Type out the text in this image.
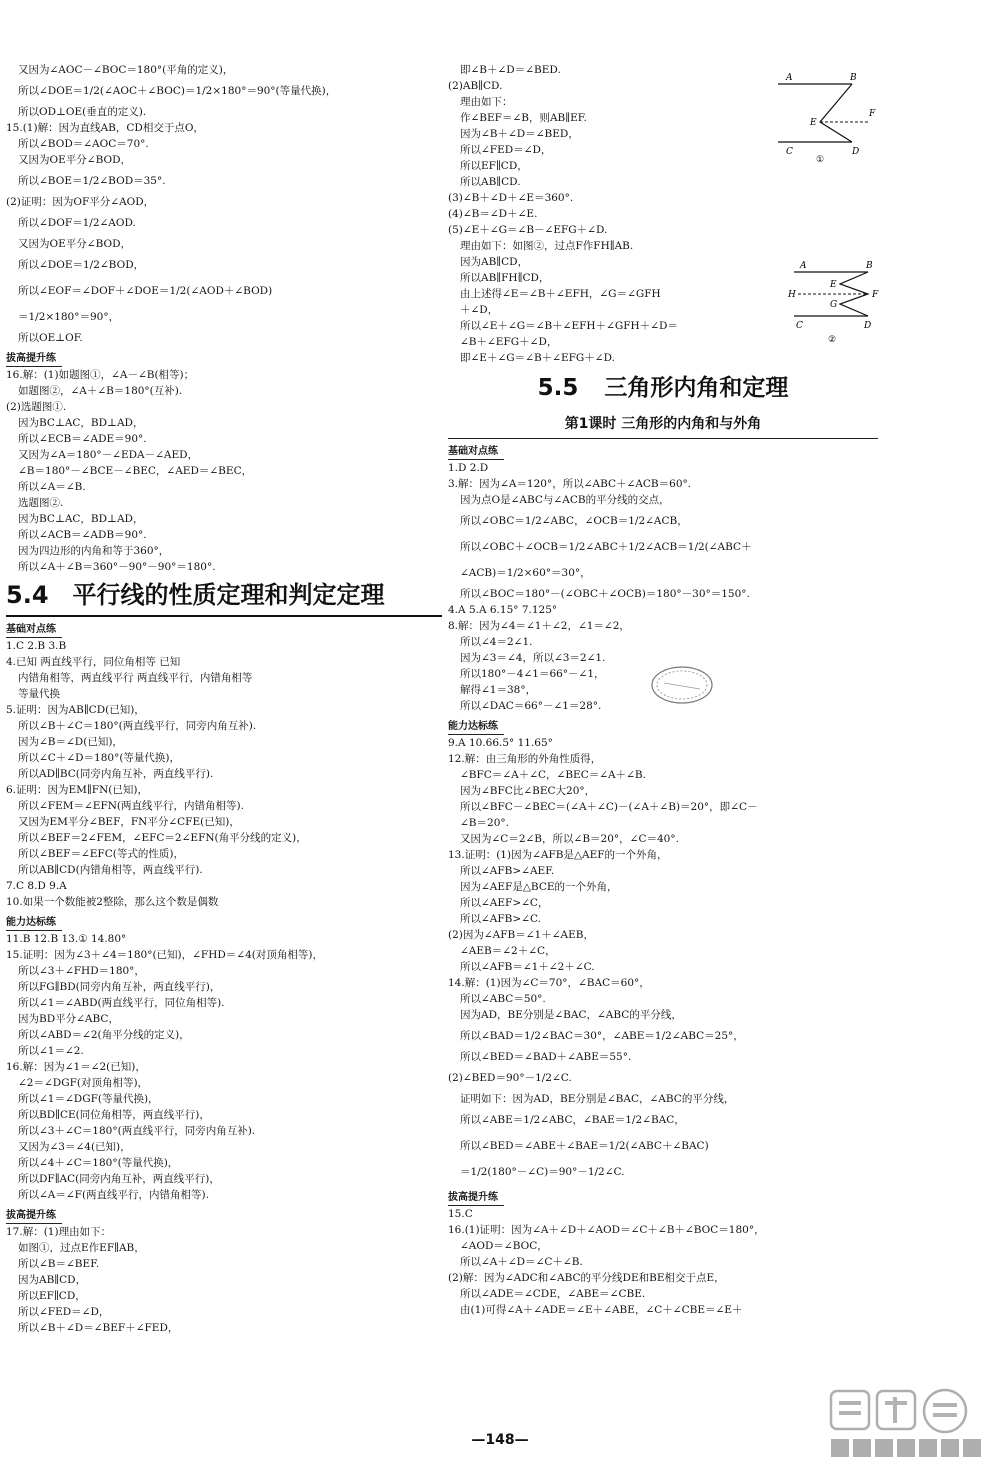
又因为∠AOC－∠BOC＝180°(平角的定义)，
所以∠DOE＝1/2(∠AOC＋∠BOC)＝1/2×180°＝90°(等量代换)，
所以OD⊥OE(垂直的定义).
15.(1)解：因为直线AB，CD相交于点O，
所以∠BOD＝∠AOC＝70°.
又因为OE平分∠BOD，
所以∠BOE＝1/2∠BOD＝35°.
(2)证明：因为OF平分∠AOD，
所以∠DOF＝1/2∠AOD.
又因为OE平分∠BOD，
所以∠DOE＝1/2∠BOD，
所以∠EOF＝∠DOF＋∠DOE＝1/2(∠AOD＋∠BOD)
＝1/2×180°＝90°，
所以OE⊥OF.
拔高提升练
16.解：(1)如题图①，∠A－∠B(相等)；
如题图②，∠A＋∠B＝180°(互补).
(2)选题图①.
因为BC⊥AC，BD⊥AD，
所以∠ECB＝∠ADE＝90°.
又因为∠A＝180°－∠EDA－∠AED，
∠B＝180°－∠BCE－∠BEC，∠AED＝∠BEC，
所以∠A＝∠B.
选题图②.
因为BC⊥AC，BD⊥AD，
所以∠ACB＝∠ADB＝90°.
因为四边形的内角和等于360°，
所以∠A＋∠B＝360°－90°－90°＝180°.
5.4 平行线的性质定理和判定定理
基础对点练
1.C 2.B 3.B
4.已知 两直线平行，同位角相等 已知
内错角相等，两直线平行 两直线平行，内错角相等
等量代换
5.证明：因为AB∥CD(已知)，
所以∠B＋∠C＝180°(两直线平行，同旁内角互补).
因为∠B＝∠D(已知)，
所以∠C＋∠D＝180°(等量代换)，
所以AD∥BC(同旁内角互补，两直线平行).
6.证明：因为EM∥FN(已知)，
所以∠FEM＝∠EFN(两直线平行，内错角相等).
又因为EM平分∠BEF，FN平分∠CFE(已知)，
所以∠BEF＝2∠FEM，∠EFC＝2∠EFN(角平分线的定义)，
所以∠BEF＝∠EFC(等式的性质)，
所以AB∥CD(内错角相等，两直线平行).
7.C 8.D 9.A
10.如果一个数能被2整除，那么这个数是偶数
能力达标练
11.B 12.B 13.① 14.80°
15.证明：因为∠3＋∠4＝180°(已知)，∠FHD＝∠4(对顶角相等)，
所以∠3＋∠FHD＝180°，
所以FG∥BD(同旁内角互补，两直线平行)，
所以∠1＝∠ABD(两直线平行，同位角相等).
因为BD平分∠ABC，
所以∠ABD＝∠2(角平分线的定义)，
所以∠1＝∠2.
16.解：因为∠1＝∠2(已知)，
∠2＝∠DGF(对顶角相等)，
所以∠1＝∠DGF(等量代换)，
所以BD∥CE(同位角相等，两直线平行)，
所以∠3＋∠C＝180°(两直线平行，同旁内角互补).
又因为∠3＝∠4(已知)，
所以∠4＋∠C＝180°(等量代换)，
所以DF∥AC(同旁内角互补，两直线平行)，
所以∠A＝∠F(两直线平行，内错角相等).
拔高提升练
17.解：(1)理由如下：
如图①，过点E作EF∥AB，
所以∠B＝∠BEF.
因为AB∥CD，
所以EF∥CD，
所以∠FED＝∠D，
所以∠B＋∠D＝∠BEF＋∠FED，
即∠B＋∠D＝∠BED.
(2)AB∥CD.
理由如下：
作∠BEF＝∠B，则AB∥EF.
因为∠B＋∠D＝∠BED，
所以∠FED＝∠D，
所以EF∥CD，
所以AB∥CD.
(3)∠B＋∠D＋∠E＝360°.
(4)∠B＝∠D＋∠E.
(5)∠E＋∠G＝∠B－∠EFG＋∠D.
理由如下：如图②，过点F作FH∥AB.
因为AB∥CD，
所以AB∥FH∥CD，
由上述得∠E＝∠B＋∠EFH，∠G＝∠GFH
＋∠D，
所以∠E＋∠G＝∠B＋∠EFH＋∠GFH＋∠D＝
∠B＋∠EFG＋∠D，
即∠E＋∠G＝∠B＋∠EFG＋∠D.
5.5 三角形内角和定理
第1课时 三角形的内角和与外角
基础对点练
1.D 2.D
3.解：因为∠A＝120°，所以∠ABC＋∠ACB＝60°.
因为点O是∠ABC与∠ACB的平分线的交点，
所以∠OBC＝1/2∠ABC，∠OCB＝1/2∠ACB，
所以∠OBC＋∠OCB＝1/2∠ABC＋1/2∠ACB＝1/2(∠ABC＋
∠ACB)＝1/2×60°＝30°，
所以∠BOC＝180°－(∠OBC＋∠OCB)＝180°－30°＝150°.
4.A 5.A 6.15° 7.125°
8.解：因为∠4＝∠1＋∠2，∠1＝∠2，
所以∠4＝2∠1.
因为∠3＝∠4，所以∠3＝2∠1.
所以180°－4∠1＝66°－∠1，
解得∠1＝38°，
所以∠DAC＝66°－∠1＝28°.
能力达标练
9.A 10.66.5° 11.65°
12.解：由三角形的外角性质得，
∠BFC＝∠A＋∠C，∠BEC＝∠A＋∠B.
因为∠BFC比∠BEC大20°，
所以∠BFC－∠BEC＝(∠A＋∠C)－(∠A＋∠B)＝20°，即∠C－
∠B＝20°.
又因为∠C＝2∠B，所以∠B＝20°，∠C＝40°.
13.证明：(1)因为∠AFB是△AEF的一个外角，
所以∠AFB>∠AEF.
因为∠AEF是△BCE的一个外角，
所以∠AEF>∠C，
所以∠AFB>∠C.
(2)因为∠AFB＝∠1＋∠AEB，
∠AEB＝∠2＋∠C，
所以∠AFB＝∠1＋∠2＋∠C.
14.解：(1)因为∠C＝70°，∠BAC＝60°，
所以∠ABC＝50°.
因为AD，BE分别是∠BAC，∠ABC的平分线，
所以∠BAD＝1/2∠BAC＝30°，∠ABE＝1/2∠ABC＝25°，
所以∠BED＝∠BAD＋∠ABE＝55°.
(2)∠BED＝90°－1/2∠C.
证明如下：因为AD，BE分别是∠BAC，∠ABC的平分线，
所以∠ABE＝1/2∠ABC，∠BAE＝1/2∠BAC，
所以∠BED＝∠ABE＋∠BAE＝1/2(∠ABC＋∠BAC)
＝1/2(180°－∠C)＝90°－1/2∠C.
拔高提升练
15.C
16.(1)证明：因为∠A＋∠D＋∠AOD＝∠C＋∠B＋∠BOC＝180°，
∠AOD＝∠BOC，
所以∠A＋∠D＝∠C＋∠B.
(2)解：因为∠ADC和∠ABC的平分线DE和BE相交于点E，
所以∠ADE＝∠CDE，∠ABE＝∠CBE.
由(1)可得∠A＋∠ADE＝∠E＋∠ABE，∠C＋∠CBE＝∠E＋
A	B
E
F
C	D
①
A	B
H
E
F
G
C	D
②
—148—
